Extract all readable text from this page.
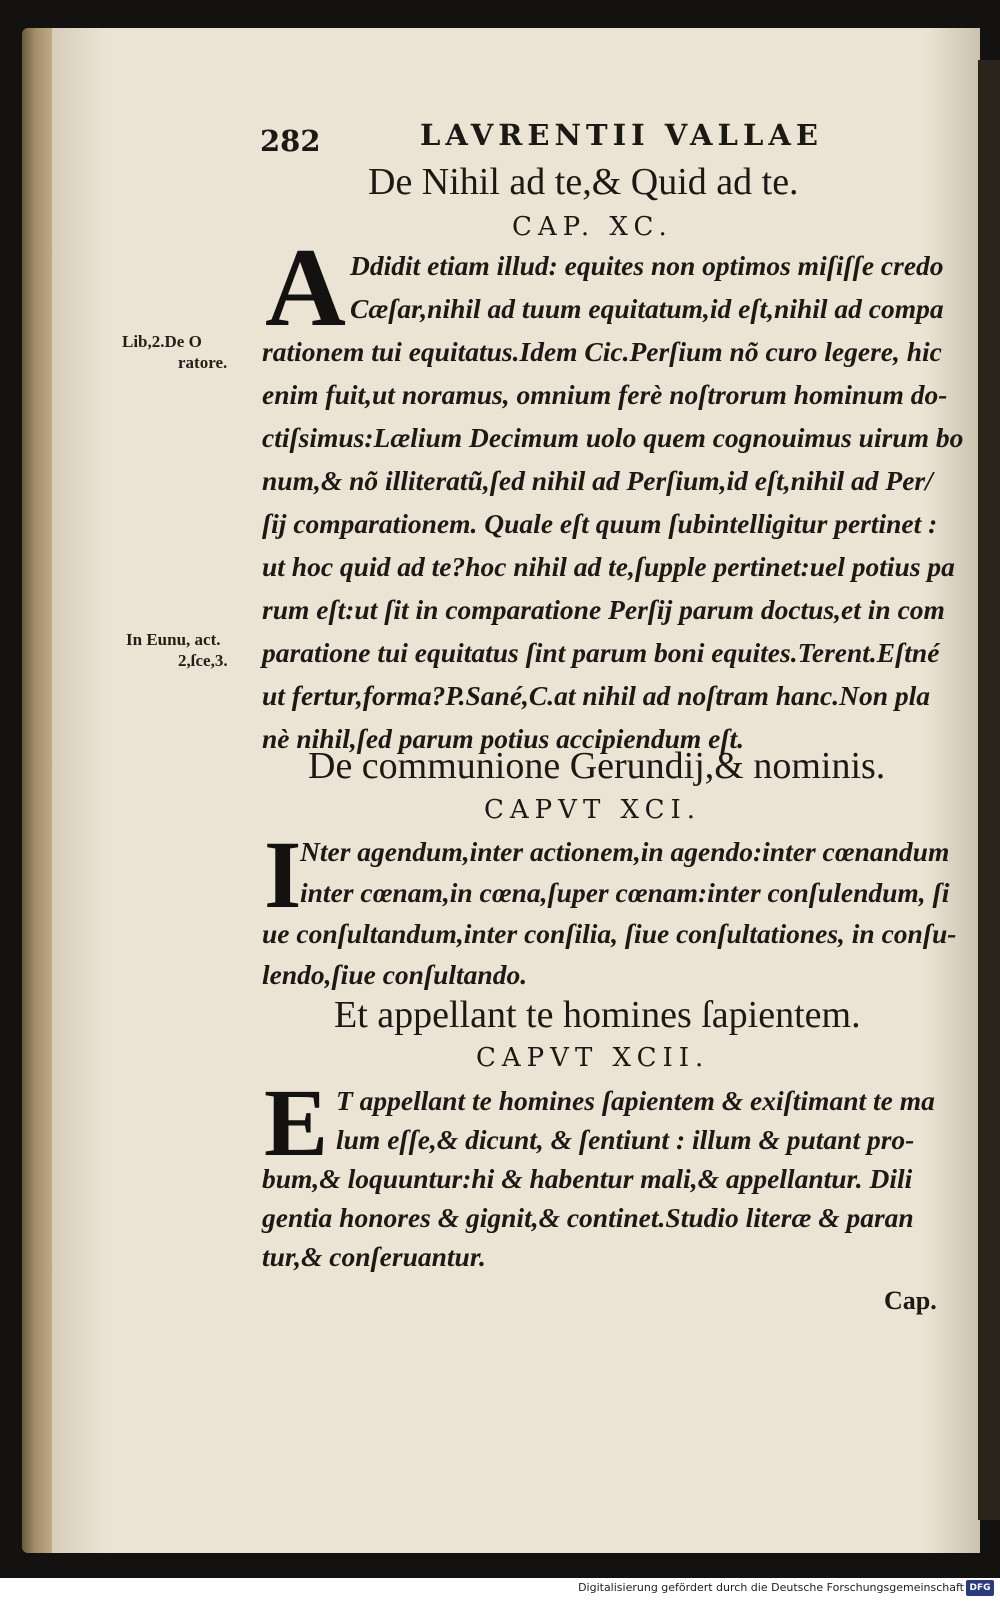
282	LAVRENTII VALLAE
De Nihil ad te,& Quid ad te.
CAP. XC.
A Ddidit etiam illud: equites non optimos miſiſſe credo
Cæſar,nihil ad tuum equitatum,id eſt,nihil ad compa
rationem tui equitatus.Idem Cic.Perſium nõ curo legere, hic
enim fuit,ut noramus, omnium ferè noſtrorum hominum do-
ctiſsimus:Lælium Decimum uolo quem cognouimus uirum bo
num,& nõ illiteratũ,ſed nihil ad Perſium,id eſt,nihil ad Per/
ſij comparationem. Quale eſt quum ſubintelligitur pertinet :
ut hoc quid ad te?hoc nihil ad te,ſupple pertinet:uel potius pa
rum eſt:ut ſit in comparatione Perſij parum doctus,et in com
paratione tui equitatus ſint parum boni equites.Terent.Eſtné
ut fertur,forma?P.Sané,C.at nihil ad noſtram hanc.Non pla
nè nihil,ſed parum potius accipiendum eſt.
Lib,2.De O
ratore.
In Eunu, act.
2,ſce,3.
De communione Gerundij,& nominis.
CAPVT XCI.
I
Nter agendum,inter actionem,in agendo:inter cœnandum
inter cœnam,in cœna,ſuper cœnam:inter conſulendum, ſi
ue conſultandum,inter conſilia, ſiue conſultationes, in conſu-
lendo,ſiue conſultando.
Et appellant te homines ſapientem.
CAPVT XCII.
E T appellant te homines ſapientem & exiſtimant te ma
lum eſſe,& dicunt, & ſentiunt : illum & putant pro-
bum,& loquuntur:hi & habentur mali,& appellantur. Dili
gentia honores & gignit,& continet.Studio literæ & paran
tur,& conſeruantur.
Cap.
Digitalisierung gefördert durch die Deutsche Forschungsgemeinschaft DFG
